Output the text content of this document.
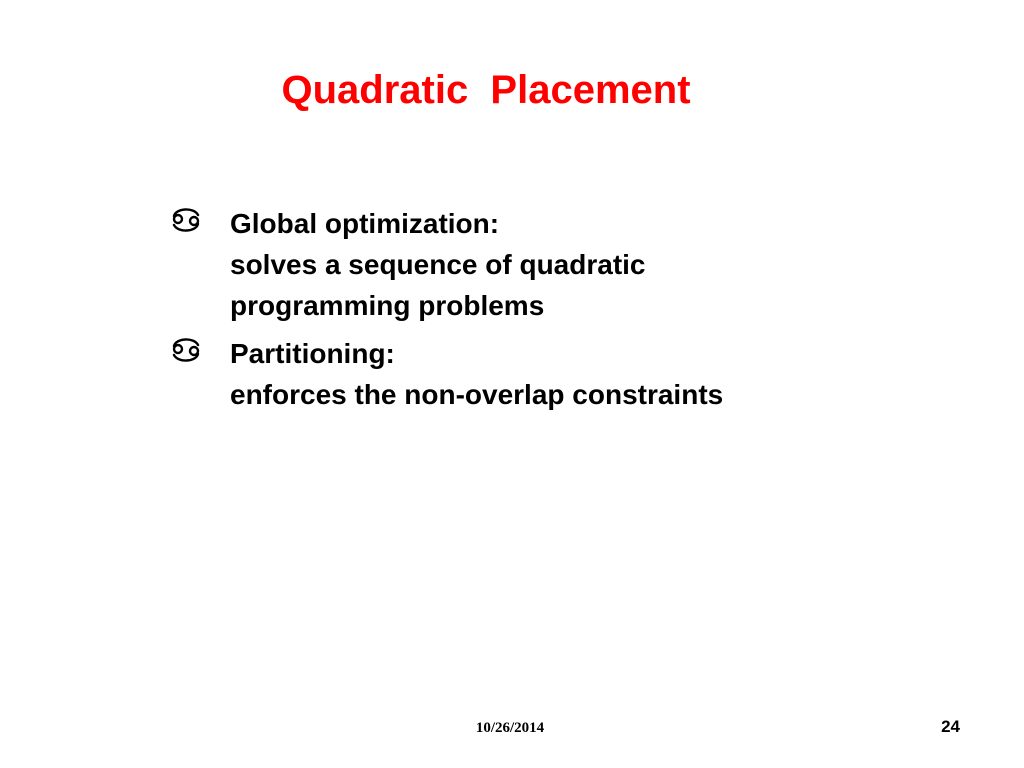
Quadratic  Placement
Global optimization:
solves a sequence of quadratic
programming problems
Partitioning:
enforces the non-overlap constraints
10/26/2014	24
